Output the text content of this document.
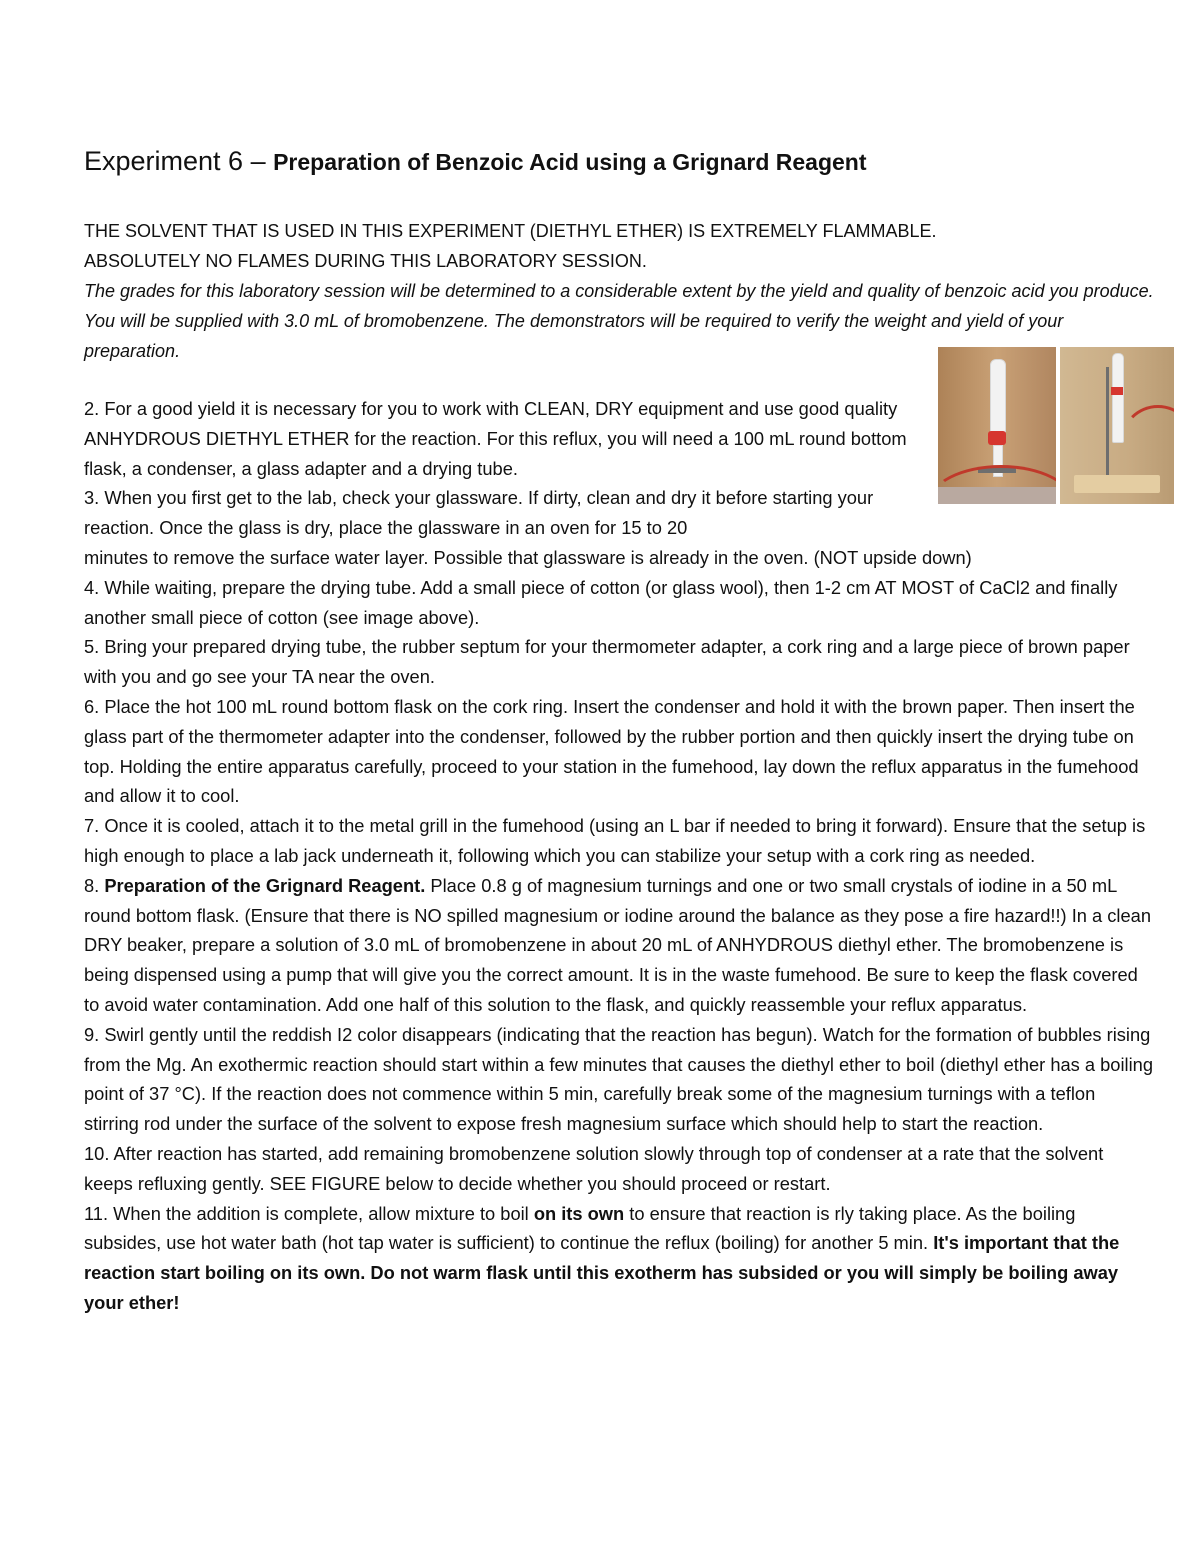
Experiment 6 – Preparation of Benzoic Acid using a Grignard Reagent
THE SOLVENT THAT IS USED IN THIS EXPERIMENT (DIETHYL ETHER) IS EXTREMELY FLAMMABLE.
ABSOLUTELY NO FLAMES DURING THIS LABORATORY SESSION.
The grades for this laboratory session will be determined to a considerable extent by the yield and quality of benzoic acid you produce. You will be supplied with 3.0 mL of bromobenzene. The demonstrators will be required to verify the weight and yield of your preparation.

2. For a good yield it is necessary for you to work with CLEAN, DRY equipment and use good quality ANHYDROUS DIETHYL ETHER for the reaction. For this reflux, you will need a 100 mL round bottom flask, a condenser, a glass adapter and a drying tube.

3. When you first get to the lab, check your glassware. If dirty, clean and dry it before starting your reaction. Once the glass is dry, place the glassware in an oven for 15 to 20

minutes to remove the surface water layer. Possible that glassware is already in the oven. (NOT upside down)

4. While waiting, prepare the drying tube. Add a small piece of cotton (or glass wool), then 1-2 cm AT MOST of CaCl2 and finally another small piece of cotton (see image above).

5. Bring your prepared drying tube, the rubber septum for your thermometer adapter, a cork ring and a large piece of brown paper with you and go see your TA near the oven.

6. Place the hot 100 mL round bottom flask on the cork ring. Insert the condenser and hold it with the brown paper. Then insert the glass part of the thermometer adapter into the condenser, followed by the rubber portion and then quickly insert the drying tube on top. Holding the entire apparatus carefully, proceed to your station in the fumehood, lay down the reflux apparatus in the fumehood and allow it to cool.

7. Once it is cooled, attach it to the metal grill in the fumehood (using an L bar if needed to bring it forward). Ensure that the setup is high enough to place a lab jack underneath it, following which you can stabilize your setup with a cork ring as needed.

8. Preparation of the Grignard Reagent. Place 0.8 g of magnesium turnings and one or two small crystals of iodine in a 50 mL round bottom flask. (Ensure that there is NO spilled magnesium or iodine around the balance as they pose a fire hazard!!) In a clean DRY beaker, prepare a solution of 3.0 mL of bromobenzene in about 20 mL of ANHYDROUS diethyl ether. The bromobenzene is being dispensed using a pump that will give you the correct amount. It is in the waste fumehood. Be sure to keep the flask covered to avoid water contamination. Add one half of this solution to the flask, and quickly reassemble your reflux apparatus.

9. Swirl gently until the reddish I2 color disappears (indicating that the reaction has begun). Watch for the formation of bubbles rising from the Mg. An exothermic reaction should start within a few minutes that causes the diethyl ether to boil (diethyl ether has a boiling point of 37 °C). If the reaction does not commence within 5 min, carefully break some of the magnesium turnings with a teflon stirring rod under the surface of the solvent to expose fresh magnesium surface which should help to start the reaction.

10. After reaction has started, add remaining bromobenzene solution slowly through top of condenser at a rate that the solvent keeps refluxing gently. SEE FIGURE below to decide whether you should proceed or restart.

11. When the addition is complete, allow mixture to boil on its own to ensure that reaction is rly taking place. As the boiling subsides, use hot water bath (hot tap water is sufficient) to continue the reflux (boiling) for another 5 min. It's important that the reaction start boiling on its own. Do not warm flask until this exotherm has subsided or you will simply be boiling away your ether!
